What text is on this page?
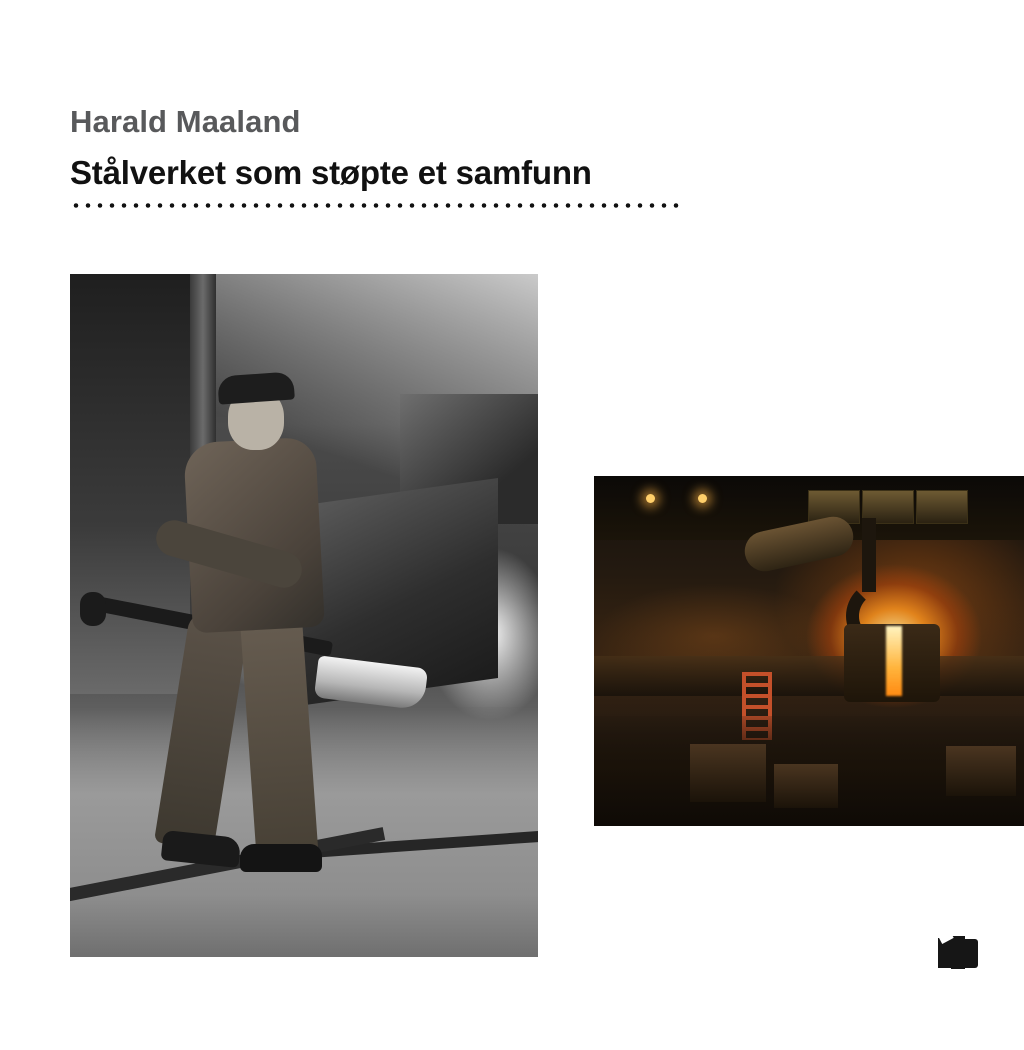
Harald Maaland
Stålverket som støpte et samfunn
